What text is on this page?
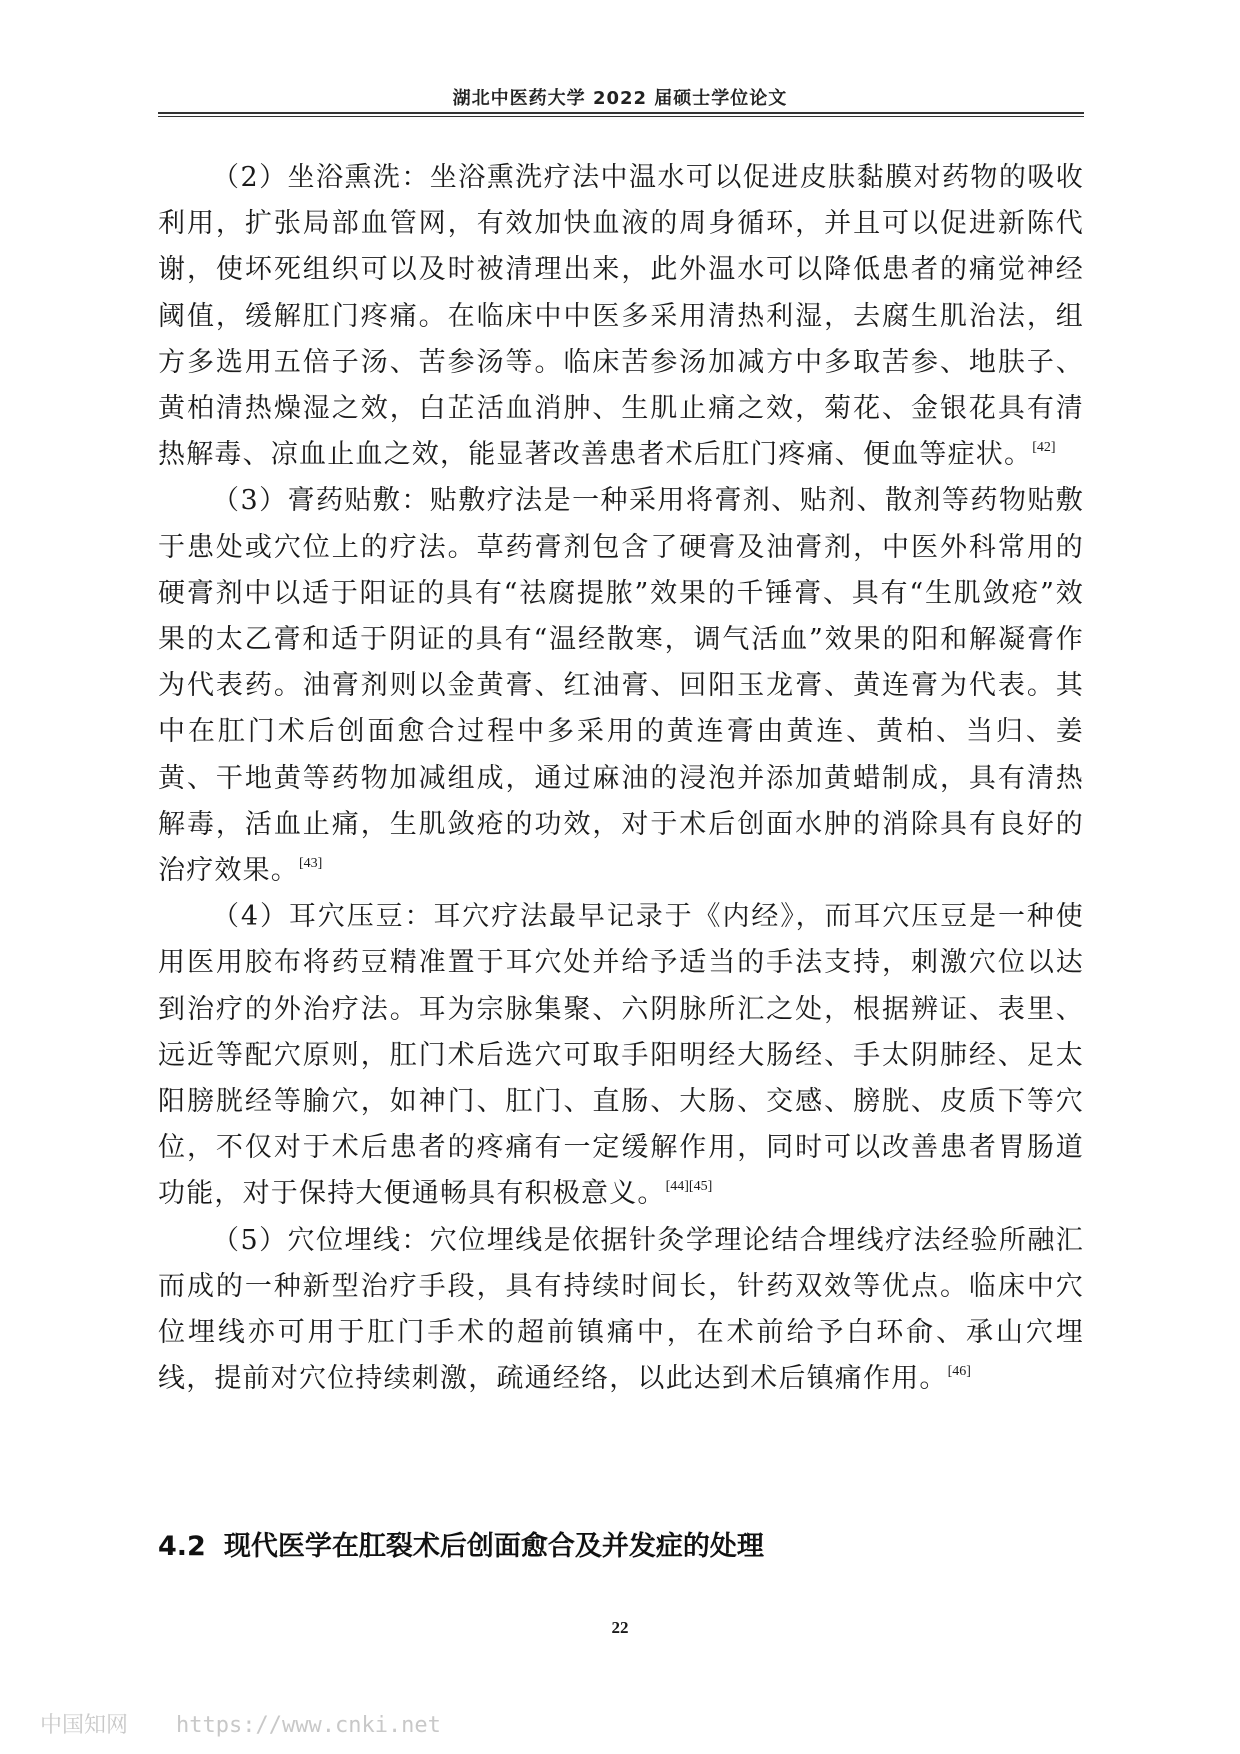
湖北中医药大学 2022 届硕士学位论文

（2）坐浴熏洗：坐浴熏洗疗法中温水可以促进皮肤黏膜对药物的吸收利用，扩张局部血管网，有效加快血液的周身循环，并且可以促进新陈代谢，使坏死组织可以及时被清理出来，此外温水可以降低患者的痛觉神经阈值，缓解肛门疼痛。在临床中中医多采用清热利湿，去腐生肌治法，组方多选用五倍子汤、苦参汤等。临床苦参汤加减方中多取苦参、地肤子、黄柏清热燥湿之效，白芷活血消肿、生肌止痛之效，菊花、金银花具有清热解毒、凉血止血之效，能显著改善患者术后肛门疼痛、便血等症状。[42]

（3）膏药贴敷：贴敷疗法是一种采用将膏剂、贴剂、散剂等药物贴敷于患处或穴位上的疗法。草药膏剂包含了硬膏及油膏剂，中医外科常用的硬膏剂中以适于阳证的具有“祛腐提脓”效果的千锤膏、具有“生肌敛疮”效果的太乙膏和适于阴证的具有“温经散寒，调气活血”效果的阳和解凝膏作为代表药。油膏剂则以金黄膏、红油膏、回阳玉龙膏、黄连膏为代表。其中在肛门术后创面愈合过程中多采用的黄连膏由黄连、黄柏、当归、姜黄、干地黄等药物加减组成，通过麻油的浸泡并添加黄蜡制成，具有清热解毒，活血止痛，生肌敛疮的功效，对于术后创面水肿的消除具有良好的治疗效果。[43]

（4）耳穴压豆：耳穴疗法最早记录于《内经》，而耳穴压豆是一种使用医用胶布将药豆精准置于耳穴处并给予适当的手法支持，刺激穴位以达到治疗的外治疗法。耳为宗脉集聚、六阴脉所汇之处，根据辨证、表里、远近等配穴原则，肛门术后选穴可取手阳明经大肠经、手太阴肺经、足太阳膀胱经等腧穴，如神门、肛门、直肠、大肠、交感、膀胱、皮质下等穴位，不仅对于术后患者的疼痛有一定缓解作用，同时可以改善患者胃肠道功能，对于保持大便通畅具有积极意义。[44][45]

（5）穴位埋线：穴位埋线是依据针灸学理论结合埋线疗法经验所融汇而成的一种新型治疗手段，具有持续时间长，针药双效等优点。临床中穴位埋线亦可用于肛门手术的超前镇痛中，在术前给予白环俞、承山穴埋线，提前对穴位持续刺激，疏通经络，以此达到术后镇痛作用。[46]

4.2 现代医学在肛裂术后创面愈合及并发症的处理
22
中国知网 https://www.cnki.net
